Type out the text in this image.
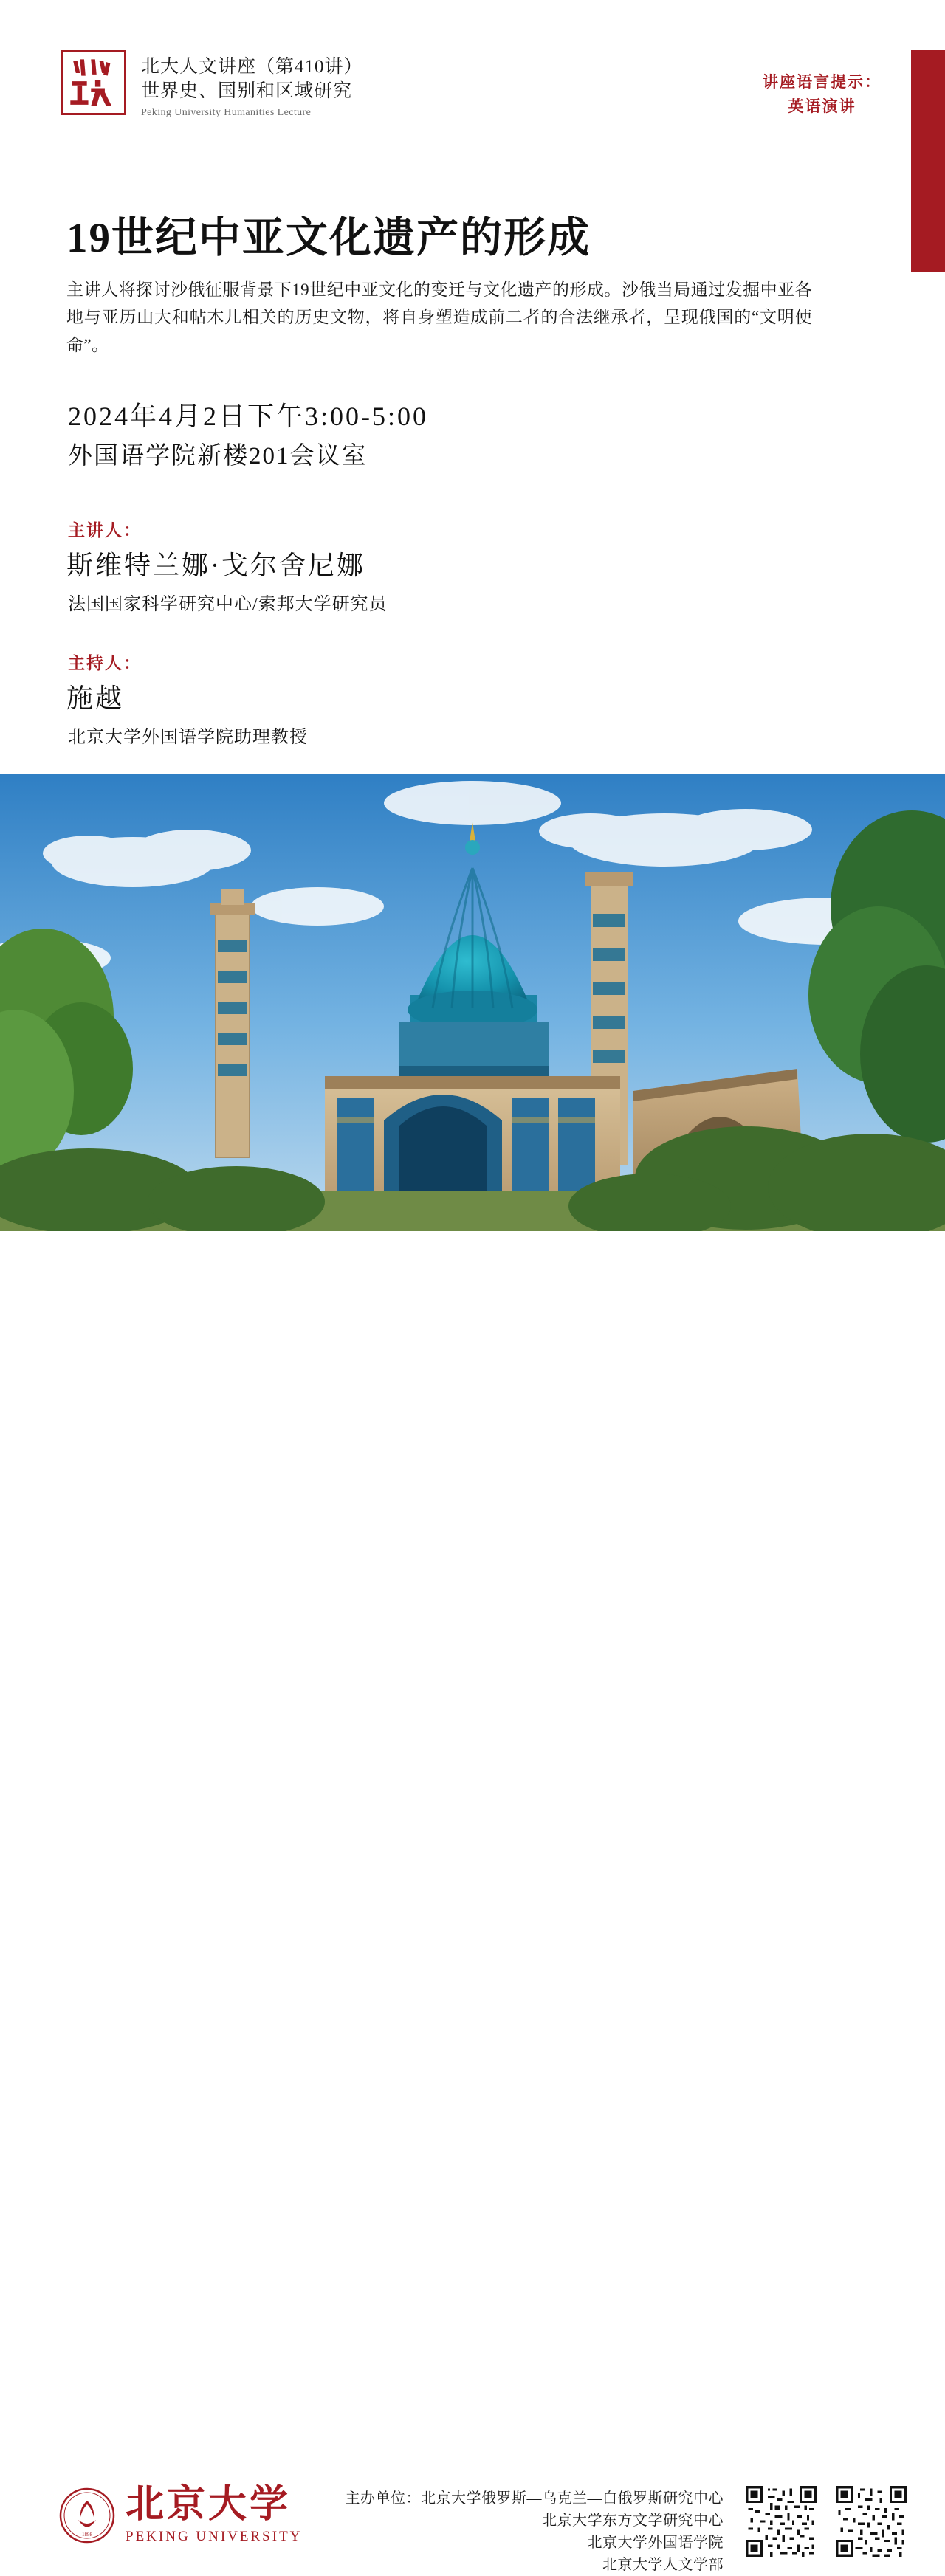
北大人文讲座（第410讲）
世界史、国别和区域研究
Peking University Humanities Lecture
讲座语言提示：
英语演讲
19世纪中亚文化遗产的形成

主讲人将探讨沙俄征服背景下19世纪中亚文化的变迁与文化遗产的形成。沙俄当局通过发掘中亚各地与亚历山大和帖木儿相关的历史文物，将自身塑造成前二者的合法继承者，呈现俄国的“文明使命”。

2024年4月2日下午3:00-5:00
外国语学院新楼201会议室
主讲人：
斯维特兰娜·戈尔舍尼娜
法国国家科学研究中心/索邦大学研究员
主持人：
施越
北京大学外国语学院助理教授
1898
北京大学
PEKING UNIVERSITY
主办单位：北京大学俄罗斯—乌克兰—白俄罗斯研究中心
北京大学东方文学研究中心
北京大学外国语学院
北京大学人文学部
